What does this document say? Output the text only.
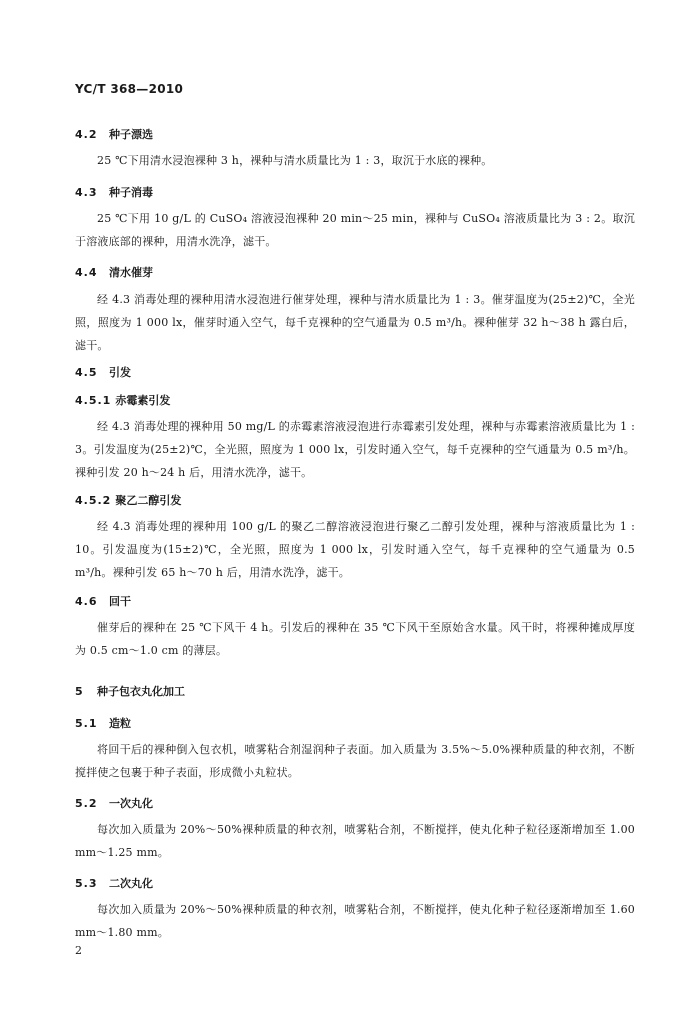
YC/T 368—2010
4.2 种子漂选
25 ℃下用清水浸泡裸种 3 h，裸种与清水质量比为 1 : 3，取沉于水底的裸种。
4.3 种子消毒
25 ℃下用 10 g/L 的 CuSO₄ 溶液浸泡裸种 20 min～25 min，裸种与 CuSO₄ 溶液质量比为 3 : 2。取沉于溶液底部的裸种，用清水洗净，滤干。
4.4 清水催芽
经 4.3 消毒处理的裸种用清水浸泡进行催芽处理，裸种与清水质量比为 1 : 3。催芽温度为(25±2)℃，全光照，照度为 1 000 lx，催芽时通入空气，每千克裸种的空气通量为 0.5 m³/h。裸种催芽 32 h～38 h 露白后，滤干。
4.5 引发
4.5.1 赤霉素引发
经 4.3 消毒处理的裸种用 50 mg/L 的赤霉素溶液浸泡进行赤霉素引发处理，裸种与赤霉素溶液质量比为 1 : 3。引发温度为(25±2)℃，全光照，照度为 1 000 lx，引发时通入空气，每千克裸种的空气通量为 0.5 m³/h。裸种引发 20 h～24 h 后，用清水洗净，滤干。
4.5.2 聚乙二醇引发
经 4.3 消毒处理的裸种用 100 g/L 的聚乙二醇溶液浸泡进行聚乙二醇引发处理，裸种与溶液质量比为 1 : 10。引发温度为(15±2)℃，全光照，照度为 1 000 lx，引发时通入空气，每千克裸种的空气通量为 0.5 m³/h。裸种引发 65 h～70 h 后，用清水洗净，滤干。
4.6 回干
催芽后的裸种在 25 ℃下风干 4 h。引发后的裸种在 35 ℃下风干至原始含水量。风干时，将裸种摊成厚度为 0.5 cm～1.0 cm 的薄层。
5 种子包衣丸化加工
5.1 造粒
将回干后的裸种倒入包衣机，喷雾粘合剂湿润种子表面。加入质量为 3.5%～5.0%裸种质量的种衣剂，不断搅拌使之包裹于种子表面，形成微小丸粒状。
5.2 一次丸化
每次加入质量为 20%～50%裸种质量的种衣剂，喷雾粘合剂，不断搅拌，使丸化种子粒径逐渐增加至 1.00 mm～1.25 mm。
5.3 二次丸化
每次加入质量为 20%～50%裸种质量的种衣剂，喷雾粘合剂，不断搅拌，使丸化种子粒径逐渐增加至 1.60 mm～1.80 mm。
2
